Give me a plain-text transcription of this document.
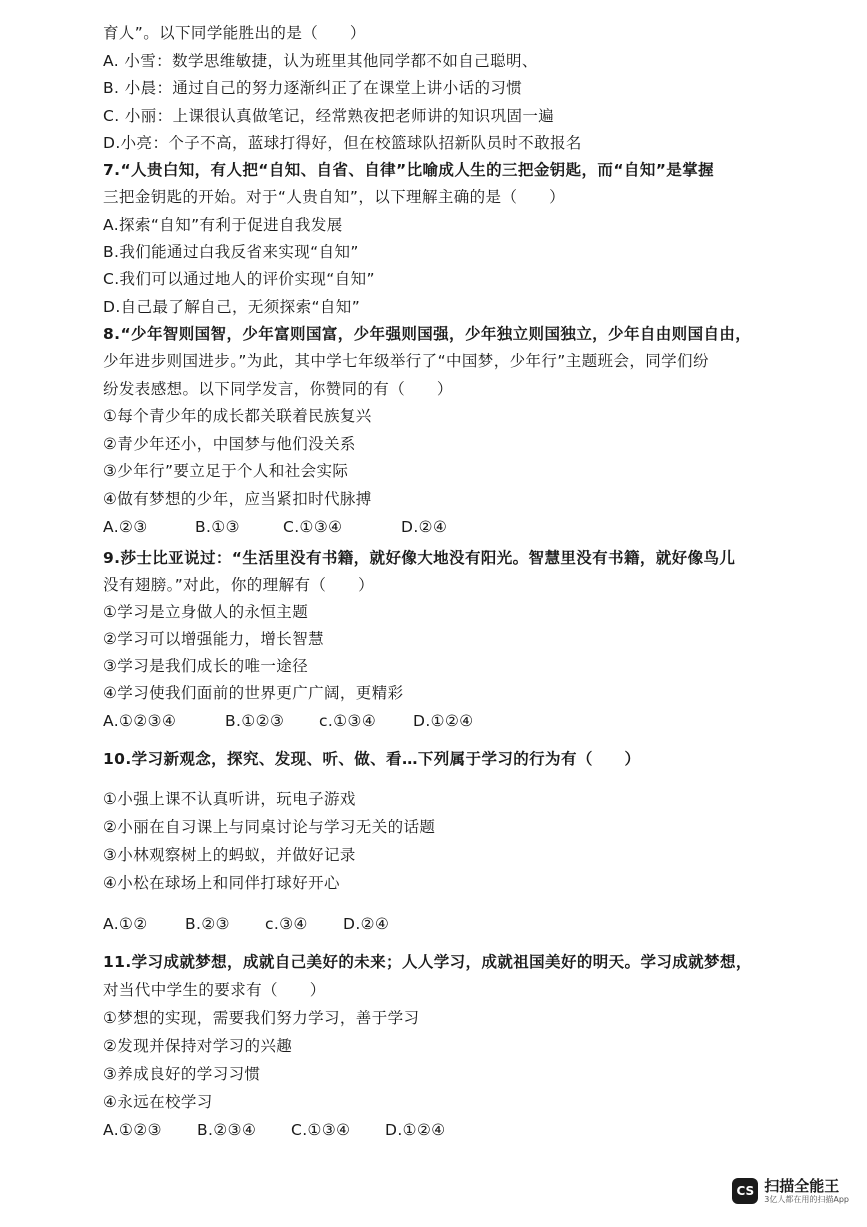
育人”。以下同学能胜出的是（　　）
A. 小雪：数学思维敏捷，认为班里其他同学都不如自己聪明、
B. 小晨：通过自己的努力逐渐纠正了在课堂上讲小话的习惯
C. 小丽：上课很认真做笔记，经常熟夜把老师讲的知识巩固一遍
D.小亮：个子不高，蓝球打得好，但在校篮球队招新队员时不敢报名
7.“人贵白知，有人把“自知、自省、自律”比喻成人生的三把金钥匙，而“自知”是掌握
三把金钥匙的开始。对于“人贵自知”，以下理解主确的是（　　）
A.探索“自知”有利于促进自我发展
B.我们能通过白我反省来实现“自知”
C.我们可以通过地人的评价实现“自知”
D.自己最了解自己，无须探索“自知”
8.“少年智则国智，少年富则国富，少年强则国强，少年独立则国独立，少年自由则国自由，
少年进步则国进步。”为此，其中学七年级举行了“中国梦，少年行”主题班会，同学们纷
纷发表感想。以下同学发言，你赞同的有（　　）
①每个青少年的成长都关联着民族复兴
②青少年还小，中国梦与他们没关系
③少年行”要立足于个人和社会实际
④做有梦想的少年，应当紧扣时代脉搏
A.②③	B.①③	C.①③④	D.②④
9.莎士比亚说过：“生活里没有书籍，就好像大地没有阳光。智慧里没有书籍，就好像鸟儿
没有翅膀。”对此，你的理解有（　　）
①学习是立身做人的永恒主题
②学习可以增强能力，增长智慧
③学习是我们成长的唯一途径
④学习使我们面前的世界更广广阔，更精彩
A.①②③④	B.①②③ c.①③④ D.①②④
10.学习新观念，探究、发现、听、做、看…下列属于学习的行为有（　　）
①小强上课不认真听讲，玩电子游戏
②小丽在自习课上与同桌讨论与学习无关的话题
③小林观察树上的蚂蚁，并做好记录
④小松在球场上和同伴打球好开心
A.①② B.②③ c.③④ D.②④
11.学习成就梦想，成就自己美好的未来；人人学习，成就祖国美好的明天。学习成就梦想，
对当代中学生的要求有（　　）
①梦想的实现，需要我们努力学习，善于学习
②发现并保持对学习的兴趣
③养成良好的学习习惯
④永远在校学习
A.①②③ B.②③④ C.①③④ D.①②④
CS 扫描全能王
3亿人都在用的扫描App
